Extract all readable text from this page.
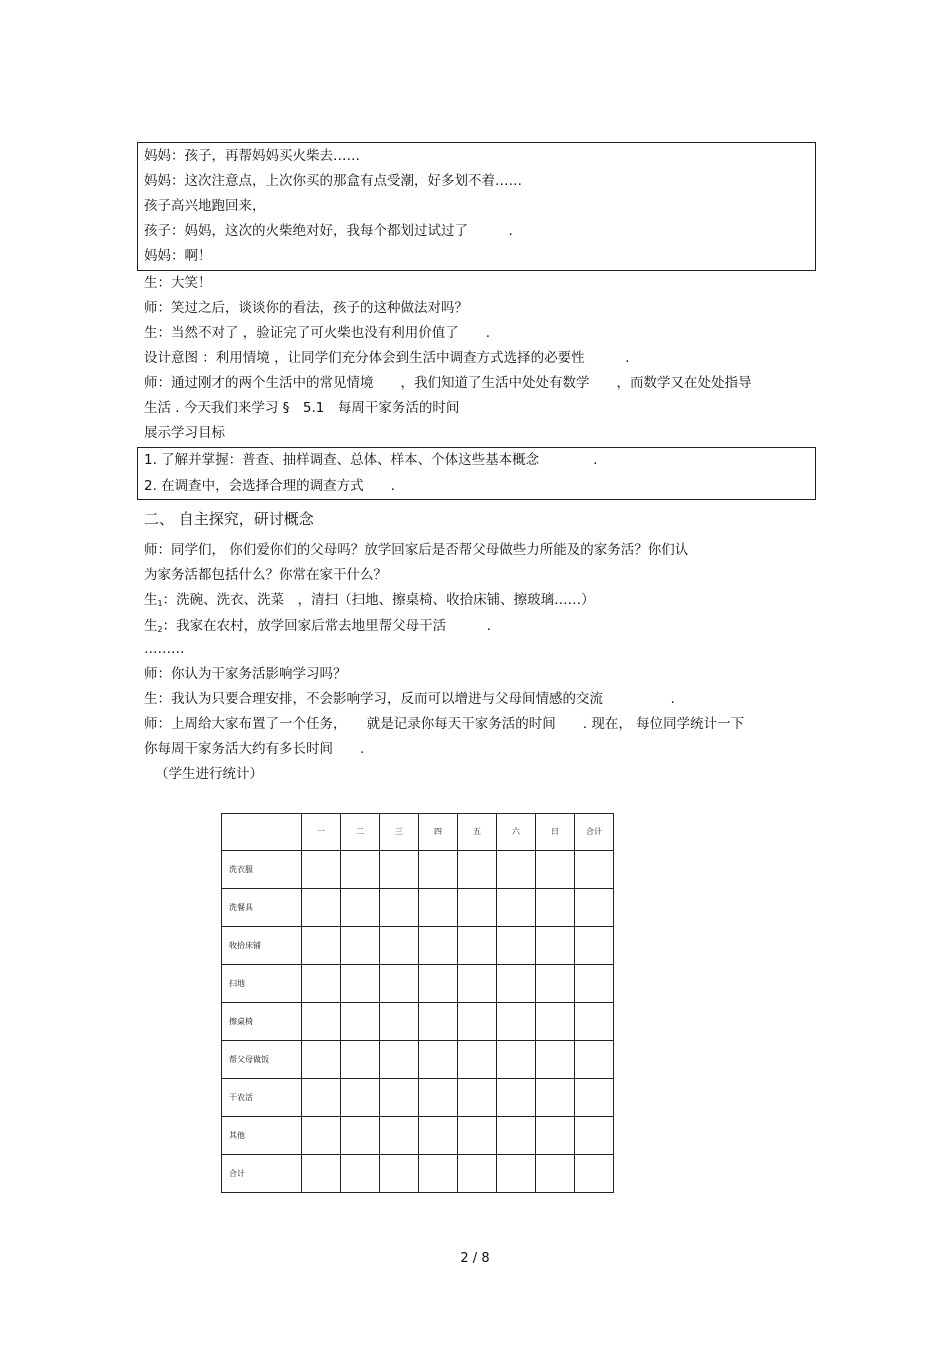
妈妈：孩子，再帮妈妈买火柴去……
妈妈：这次注意点，上次你买的那盒有点受潮，好多划不着……
孩子高兴地跑回来，
孩子：妈妈，这次的火柴绝对好，我每个都划过试过了　　　.
妈妈：啊！
生：大笑！
师：笑过之后，谈谈你的看法，孩子的这种做法对吗？
生：当然不对了 ，验证完了可火柴也没有利用价值了　　.
设计意图 ：利用情境 ，让同学们充分体会到生活中调查方式选择的必要性　　　.
师：通过刚才的两个生活中的常见情境　　，我们知道了生活中处处有数学　　，而数学又在处处指导
生活 . 今天我们来学习 §　5.1　每周干家务活的时间
展示学习目标
1. 了解并掌握：普查、抽样调查、总体、样本、个体这些基本概念　　　　.
2. 在调查中，会选择合理的调查方式　　.
二、 自主探究，研讨概念
师：同学们， 你们爱你们的父母吗？放学回家后是否帮父母做些力所能及的家务活？你们认
为家务活都包括什么？你常在家干什么？
生1：洗碗、洗衣、洗菜　，清扫（扫地、擦桌椅、收拾床铺、擦玻璃……）
生2：我家在农村，放学回家后常去地里帮父母干活　　　.
………
师：你认为干家务活影响学习吗？
生：我认为只要合理安排，不会影响学习，反而可以增进与父母间情感的交流　　　　　.
师：上周给大家布置了一个任务，　　就是记录你每天干家务活的时间　　. 现在， 每位同学统计一下
你每周干家务活大约有多长时间　　.
（学生进行统计）
	一	二	三	四	五	六	日	合计
洗衣服								
洗餐具								
收拾床铺								
扫地								
擦桌椅								
帮父母做饭								
干农活								
其他								
合计								
2 / 8
